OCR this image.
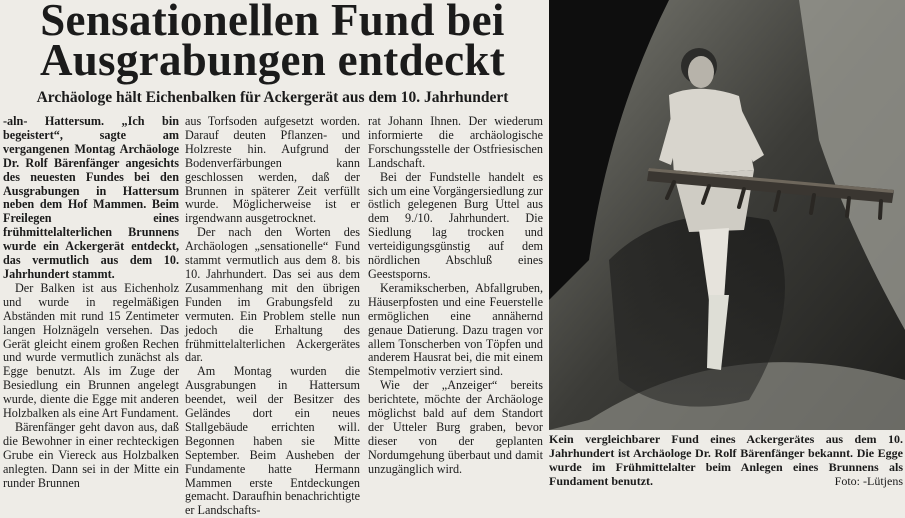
Sensationellen Fund bei
Ausgrabungen entdeckt
Archäologe hält Eichenbalken für Ackergerät aus dem 10. Jahrhundert

-aln- Hattersum. „Ich bin begeistert“, sagte am vergangenen Montag Archäologe Dr. Rolf Bärenfänger angesichts des neuesten Fundes bei den Ausgrabungen in Hattersum neben dem Hof Mammen. Beim Freilegen eines frühmittelalterlichen Brunnens wurde ein Ackergerät entdeckt, das vermutlich aus dem 10. Jahrhundert stammt.

Der Balken ist aus Eichenholz und wurde in regelmäßigen Abständen mit rund 15 Zentimeter langen Holznägeln versehen. Das Gerät gleicht einem großen Rechen und wurde vermutlich zunächst als Egge benutzt. Als im Zuge der Besiedlung ein Brunnen angelegt wurde, diente die Egge mit anderen Holzbalken als eine Art Fundament.

Bärenfänger geht davon aus, daß die Bewohner in einer rechteckigen Grube ein Viereck aus Holzbalken anlegten. Dann sei in der Mitte ein runder Brunnen

aus Torfsoden aufgesetzt worden. Darauf deuten Pflanzen- und Holzreste hin. Aufgrund der Bodenverfärbungen kann geschlossen werden, daß der Brunnen in späterer Zeit verfüllt wurde. Möglicherweise ist er irgendwann ausgetrocknet.

Der nach den Worten des Archäologen „sensationelle“ Fund stammt vermutlich aus dem 8. bis 10. Jahrhundert. Das sei aus dem Zusammenhang mit den übrigen Funden im Grabungsfeld zu vermuten. Ein Problem stelle nun jedoch die Erhaltung des frühmittelalterlichen Ackergerätes dar.

Am Montag wurden die Ausgrabungen in Hattersum beendet, weil der Besitzer des Geländes dort ein neues Stallgebäude errichten will. Begonnen haben sie Mitte September. Beim Ausheben der Fundamente hatte Hermann Mammen erste Entdeckungen gemacht. Daraufhin benachrichtigte er Landschafts-

rat Johann Ihnen. Der wiederum informierte die archäologische Forschungsstelle der Ostfriesischen Landschaft.

Bei der Fundstelle handelt es sich um eine Vorgängersiedlung zur östlich gelegenen Burg Uttel aus dem 9./10. Jahrhundert. Die Siedlung lag trocken und verteidigungsgünstig auf dem nördlichen Abschluß eines Geestsporns.

Keramikscherben, Abfallgruben, Häuserpfosten und eine Feuerstelle ermöglichen eine annähernd genaue Datierung. Dazu tragen vor allem Tonscherben von Töpfen und anderem Hausrat bei, die mit einem Stempelmotiv verziert sind.

Wie der „Anzeiger“ bereits berichtete, möchte der Archäologe möglichst bald auf dem Standort der Utteler Burg graben, bevor dieser von der geplanten Nordumgehung überbaut und damit unzugänglich wird.

Kein vergleichbarer Fund eines Ackergerätes aus dem 10. Jahrhundert ist Archäologe Dr. Rolf Bärenfänger bekannt. Die Egge wurde im Frühmittelalter beim Anlegen eines Brunnens als Fundament benutzt.	Foto: -Lütjens
